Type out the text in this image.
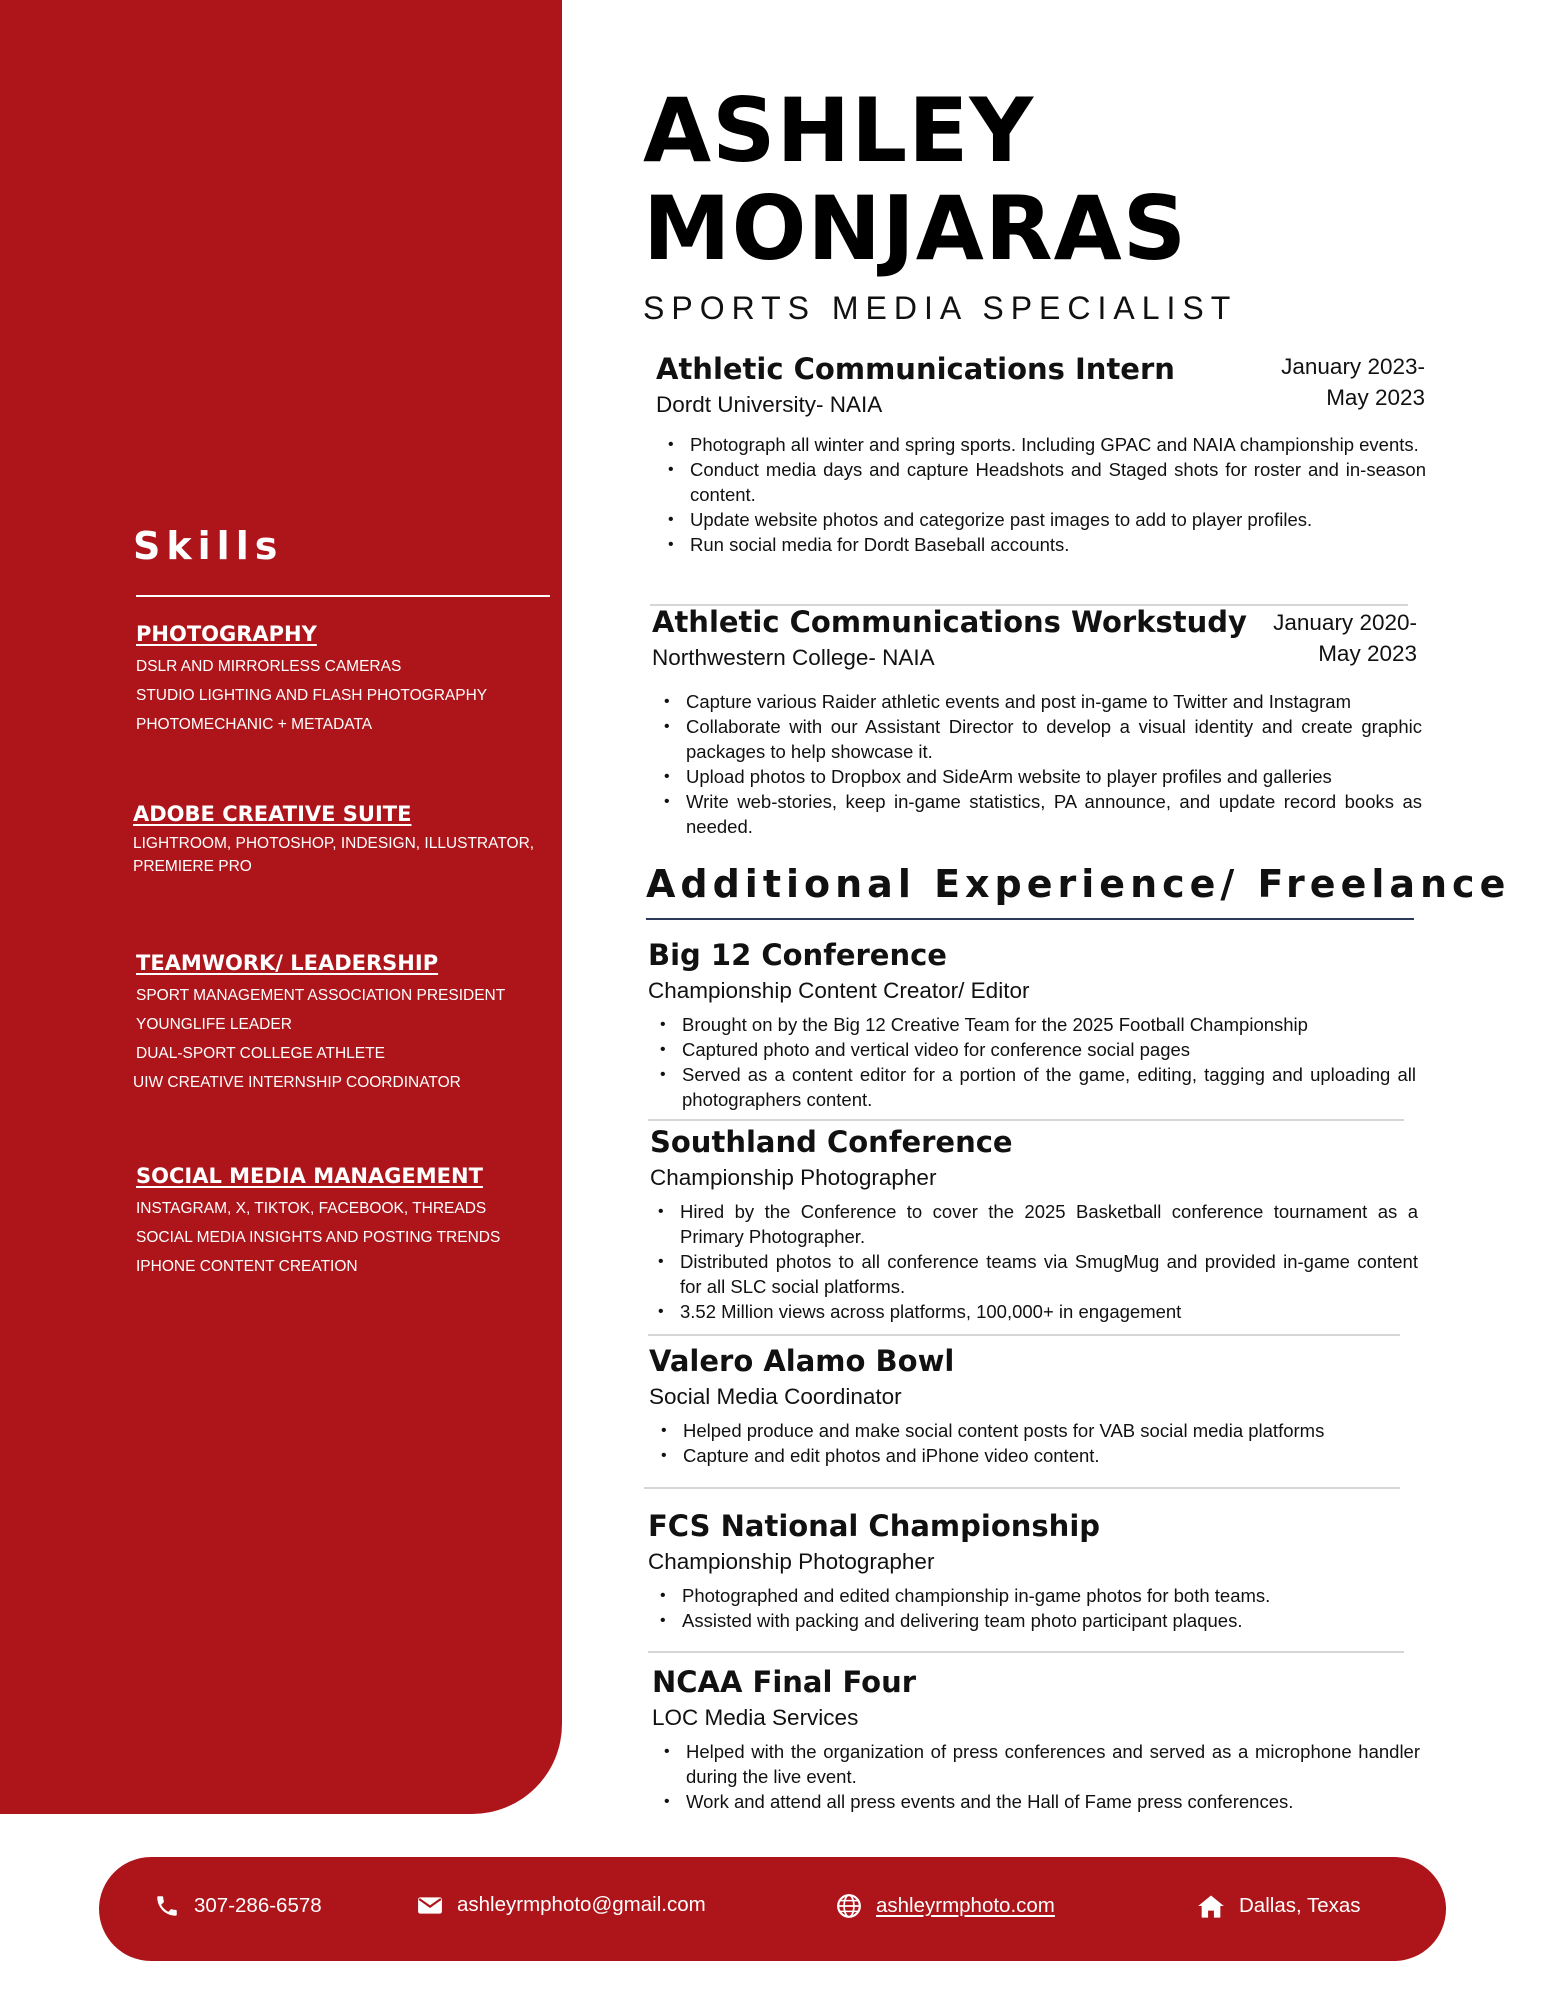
Skills
PHOTOGRAPHY
DSLR AND MIRRORLESS CAMERAS
STUDIO LIGHTING AND FLASH PHOTOGRAPHY
PHOTOMECHANIC + METADATA
ADOBE CREATIVE SUITE
LIGHTROOM, PHOTOSHOP, INDESIGN, ILLUSTRATOR, PREMIERE PRO
TEAMWORK/ LEADERSHIP
SPORT MANAGEMENT ASSOCIATION PRESIDENT
YOUNGLIFE LEADER
DUAL-SPORT COLLEGE ATHLETE
UIW CREATIVE INTERNSHIP COORDINATOR
SOCIAL MEDIA MANAGEMENT
INSTAGRAM, X, TIKTOK, FACEBOOK, THREADS
SOCIAL MEDIA INSIGHTS AND POSTING TRENDS
IPHONE CONTENT CREATION
ASHLEY
MONJARAS
SPORTS MEDIA SPECIALIST
Athletic Communications Intern
Dordt University- NAIA
• Photograph all winter and spring sports. Including GPAC and NAIA championship events.
• Conduct media days and capture Headshots and Staged shots for roster and in-season content.
• Update website photos and categorize past images to add to player profiles.
• Run social media for Dordt Baseball accounts.
January 2023-
May 2023
Athletic Communications Workstudy
Northwestern College- NAIA
• Capture various Raider athletic events and post in-game to Twitter and Instagram
• Collaborate with our Assistant Director to develop a visual identity and create graphic packages to help showcase it.
• Upload photos to Dropbox and SideArm website to player profiles and galleries
• Write web-stories, keep in-game statistics, PA announce, and update record books as needed.
January 2020-
May 2023
Additional Experience/ Freelance
Big 12 Conference
Championship Content Creator/ Editor
• Brought on by the Big 12 Creative Team for the 2025 Football Championship
• Captured photo and vertical video for conference social pages
• Served as a content editor for a portion of the game, editing, tagging and uploading all photographers content.
Southland Conference
Championship Photographer
• Hired by the Conference to cover the 2025 Basketball conference tournament as a Primary Photographer.
• Distributed photos to all conference teams via SmugMug and provided in-game content for all SLC social platforms.
• 3.52 Million views across platforms, 100,000+ in engagement
Valero Alamo Bowl
Social Media Coordinator
• Helped produce and make social content posts for VAB social media platforms
• Capture and edit photos and iPhone video content.
FCS National Championship
Championship Photographer
• Photographed and edited championship in-game photos for both teams.
• Assisted with packing and delivering team photo participant plaques.
NCAA Final Four
LOC Media Services
• Helped with the organization of press conferences and served as a microphone handler during the live event.
• Work and attend all press events and the Hall of Fame press conferences.
307-286-6578	ashleyrmphoto@gmail.com	ashleyrmphoto.com	Dallas, Texas
